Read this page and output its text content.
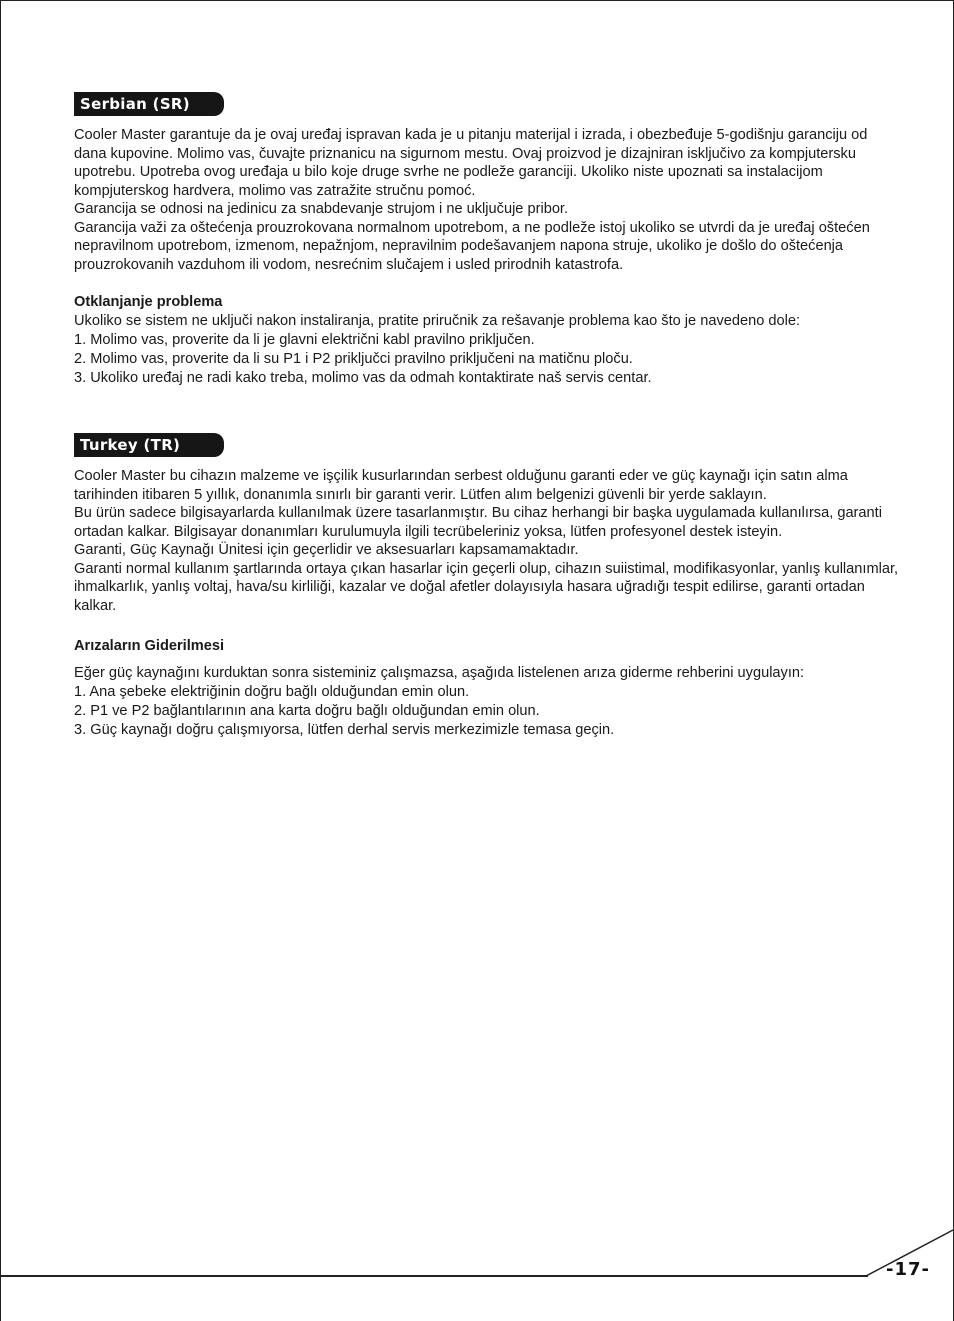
Serbian (SR)

Cooler Master garantuje da je ovaj uređaj ispravan kada je u pitanju materijal i izrada, i obezbeđuje 5-godišnju garanciju od dana kupovine. Molimo vas, čuvajte priznanicu na sigurnom mestu. Ovaj proizvod je dizajniran isključivo za kompjutersku upotrebu. Upotreba ovog uređaja u bilo koje druge svrhe ne podleže garanciji. Ukoliko niste upoznati sa instalacijom kompjuterskog hardvera, molimo vas zatražite stručnu pomoć.

Garancija se odnosi na jedinicu za snabdevanje strujom i ne uključuje pribor.

Garancija važi za oštećenja prouzrokovana normalnom upotrebom, a ne podleže istoj ukoliko se utvrdi da je uređaj oštećen nepravilnom upotrebom, izmenom, nepažnjom, nepravilnim podešavanjem napona struje, ukoliko je došlo do oštećenja prouzrokovanih vazduhom ili vodom, nesrećnim slučajem i usled prirodnih katastrofa.

Otklanjanje problema

Ukoliko se sistem ne uključi nakon instaliranja, pratite priručnik za rešavanje problema kao što je navedeno dole:

1. Molimo vas, proverite da li je glavni električni kabl pravilno priključen.

2. Molimo vas, proverite da li su P1 i P2 priključci pravilno priključeni na matičnu ploču.

3. Ukoliko uređaj ne radi kako treba, molimo vas da odmah kontaktirate naš servis centar.

Turkey (TR)

Cooler Master bu cihazın malzeme ve işçilik kusurlarından serbest olduğunu garanti eder ve güç kaynağı için satın alma tarihinden itibaren 5 yıllık, donanımla sınırlı bir garanti verir. Lütfen alım belgenizi güvenli bir yerde saklayın.

Bu ürün sadece bilgisayarlarda kullanılmak üzere tasarlanmıştır. Bu cihaz herhangi bir başka uygulamada kullanılırsa, garanti ortadan kalkar. Bilgisayar donanımları kurulumuyla ilgili tecrübeleriniz yoksa, lütfen profesyonel destek isteyin.

Garanti, Güç Kaynağı Ünitesi için geçerlidir ve aksesuarları kapsamamaktadır.

Garanti normal kullanım şartlarında ortaya çıkan hasarlar için geçerli olup, cihazın suiistimal, modifikasyonlar, yanlış kullanımlar, ihmalkarlık, yanlış voltaj, hava/su kirliliği, kazalar ve doğal afetler dolayısıyla hasara uğradığı tespit edilirse, garanti ortadan kalkar.

Arızaların Giderilmesi

Eğer güç kaynağını kurduktan sonra sisteminiz çalışmazsa, aşağıda listelenen arıza giderme rehberini uygulayın:

1. Ana şebeke elektriğinin doğru bağlı olduğundan emin olun.

2. P1 ve P2 bağlantılarının ana karta doğru bağlı olduğundan emin olun.

3. Güç kaynağı doğru çalışmıyorsa, lütfen derhal servis merkezimizle temasa geçin.

-17-
